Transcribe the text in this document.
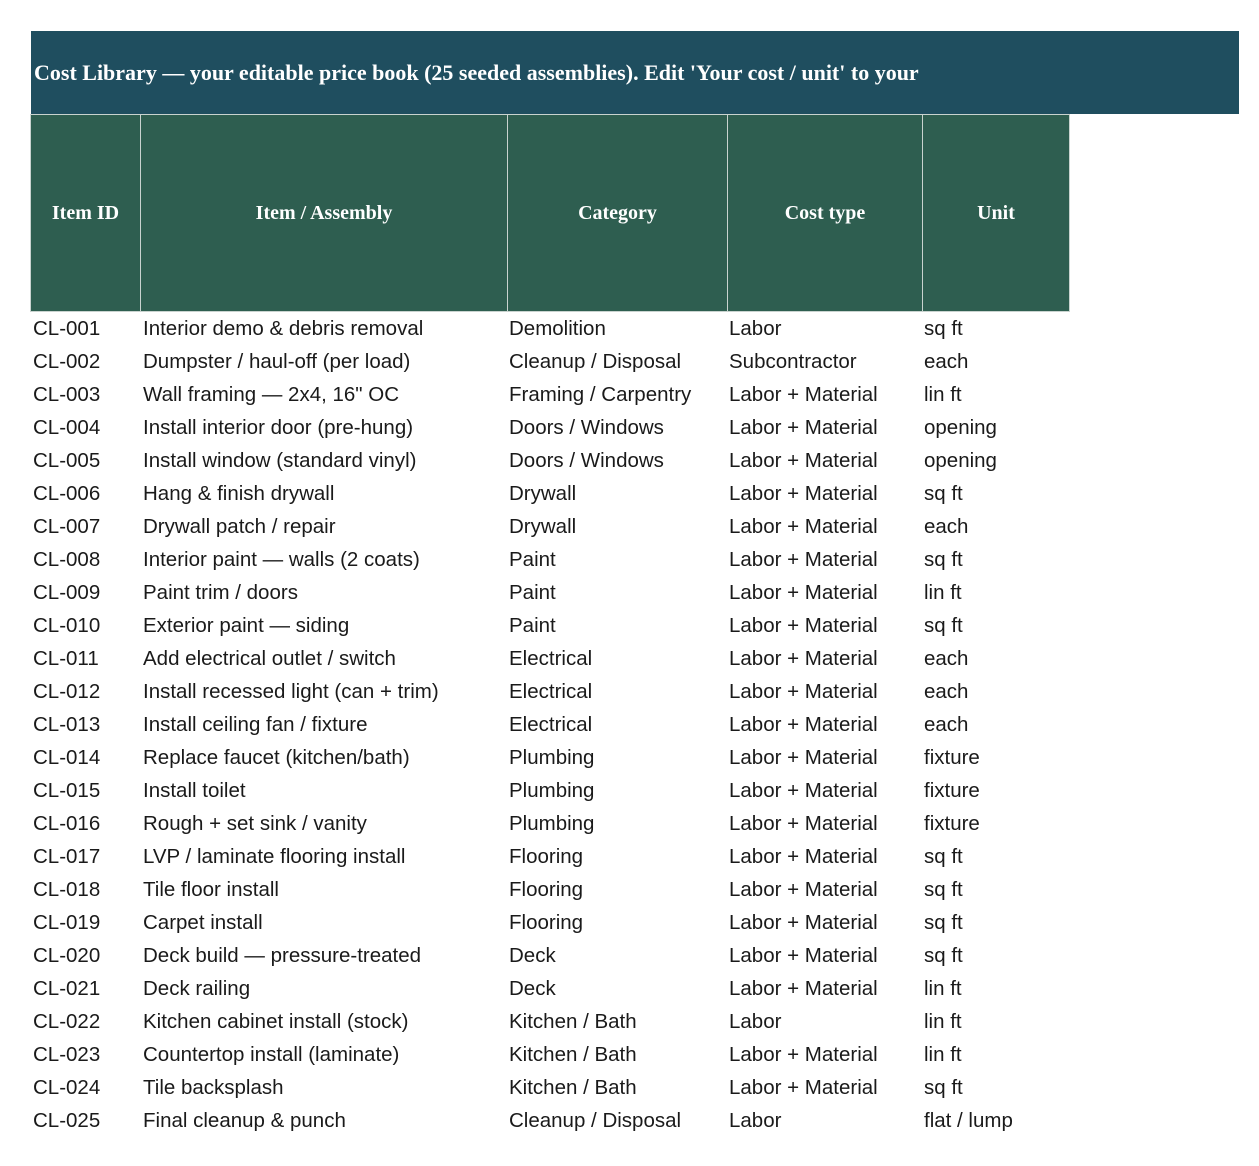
Cost Library — your editable price book (25 seeded assemblies). Edit 'Your cost / unit' to your
Item ID	Item / Assembly	Category	Cost type	Unit
CL-001	Interior demo & debris removal	Demolition	Labor	sq ft
CL-002	Dumpster / haul-off (per load)	Cleanup / Disposal	Subcontractor	each
CL-003	Wall framing — 2x4, 16" OC	Framing / Carpentry	Labor + Material	lin ft
CL-004	Install interior door (pre-hung)	Doors / Windows	Labor + Material	opening
CL-005	Install window (standard vinyl)	Doors / Windows	Labor + Material	opening
CL-006	Hang & finish drywall	Drywall	Labor + Material	sq ft
CL-007	Drywall patch / repair	Drywall	Labor + Material	each
CL-008	Interior paint — walls (2 coats)	Paint	Labor + Material	sq ft
CL-009	Paint trim / doors	Paint	Labor + Material	lin ft
CL-010	Exterior paint — siding	Paint	Labor + Material	sq ft
CL-011	Add electrical outlet / switch	Electrical	Labor + Material	each
CL-012	Install recessed light (can + trim)	Electrical	Labor + Material	each
CL-013	Install ceiling fan / fixture	Electrical	Labor + Material	each
CL-014	Replace faucet (kitchen/bath)	Plumbing	Labor + Material	fixture
CL-015	Install toilet	Plumbing	Labor + Material	fixture
CL-016	Rough + set sink / vanity	Plumbing	Labor + Material	fixture
CL-017	LVP / laminate flooring install	Flooring	Labor + Material	sq ft
CL-018	Tile floor install	Flooring	Labor + Material	sq ft
CL-019	Carpet install	Flooring	Labor + Material	sq ft
CL-020	Deck build — pressure-treated	Deck	Labor + Material	sq ft
CL-021	Deck railing	Deck	Labor + Material	lin ft
CL-022	Kitchen cabinet install (stock)	Kitchen / Bath	Labor	lin ft
CL-023	Countertop install (laminate)	Kitchen / Bath	Labor + Material	lin ft
CL-024	Tile backsplash	Kitchen / Bath	Labor + Material	sq ft
CL-025	Final cleanup & punch	Cleanup / Disposal	Labor	flat / lump
